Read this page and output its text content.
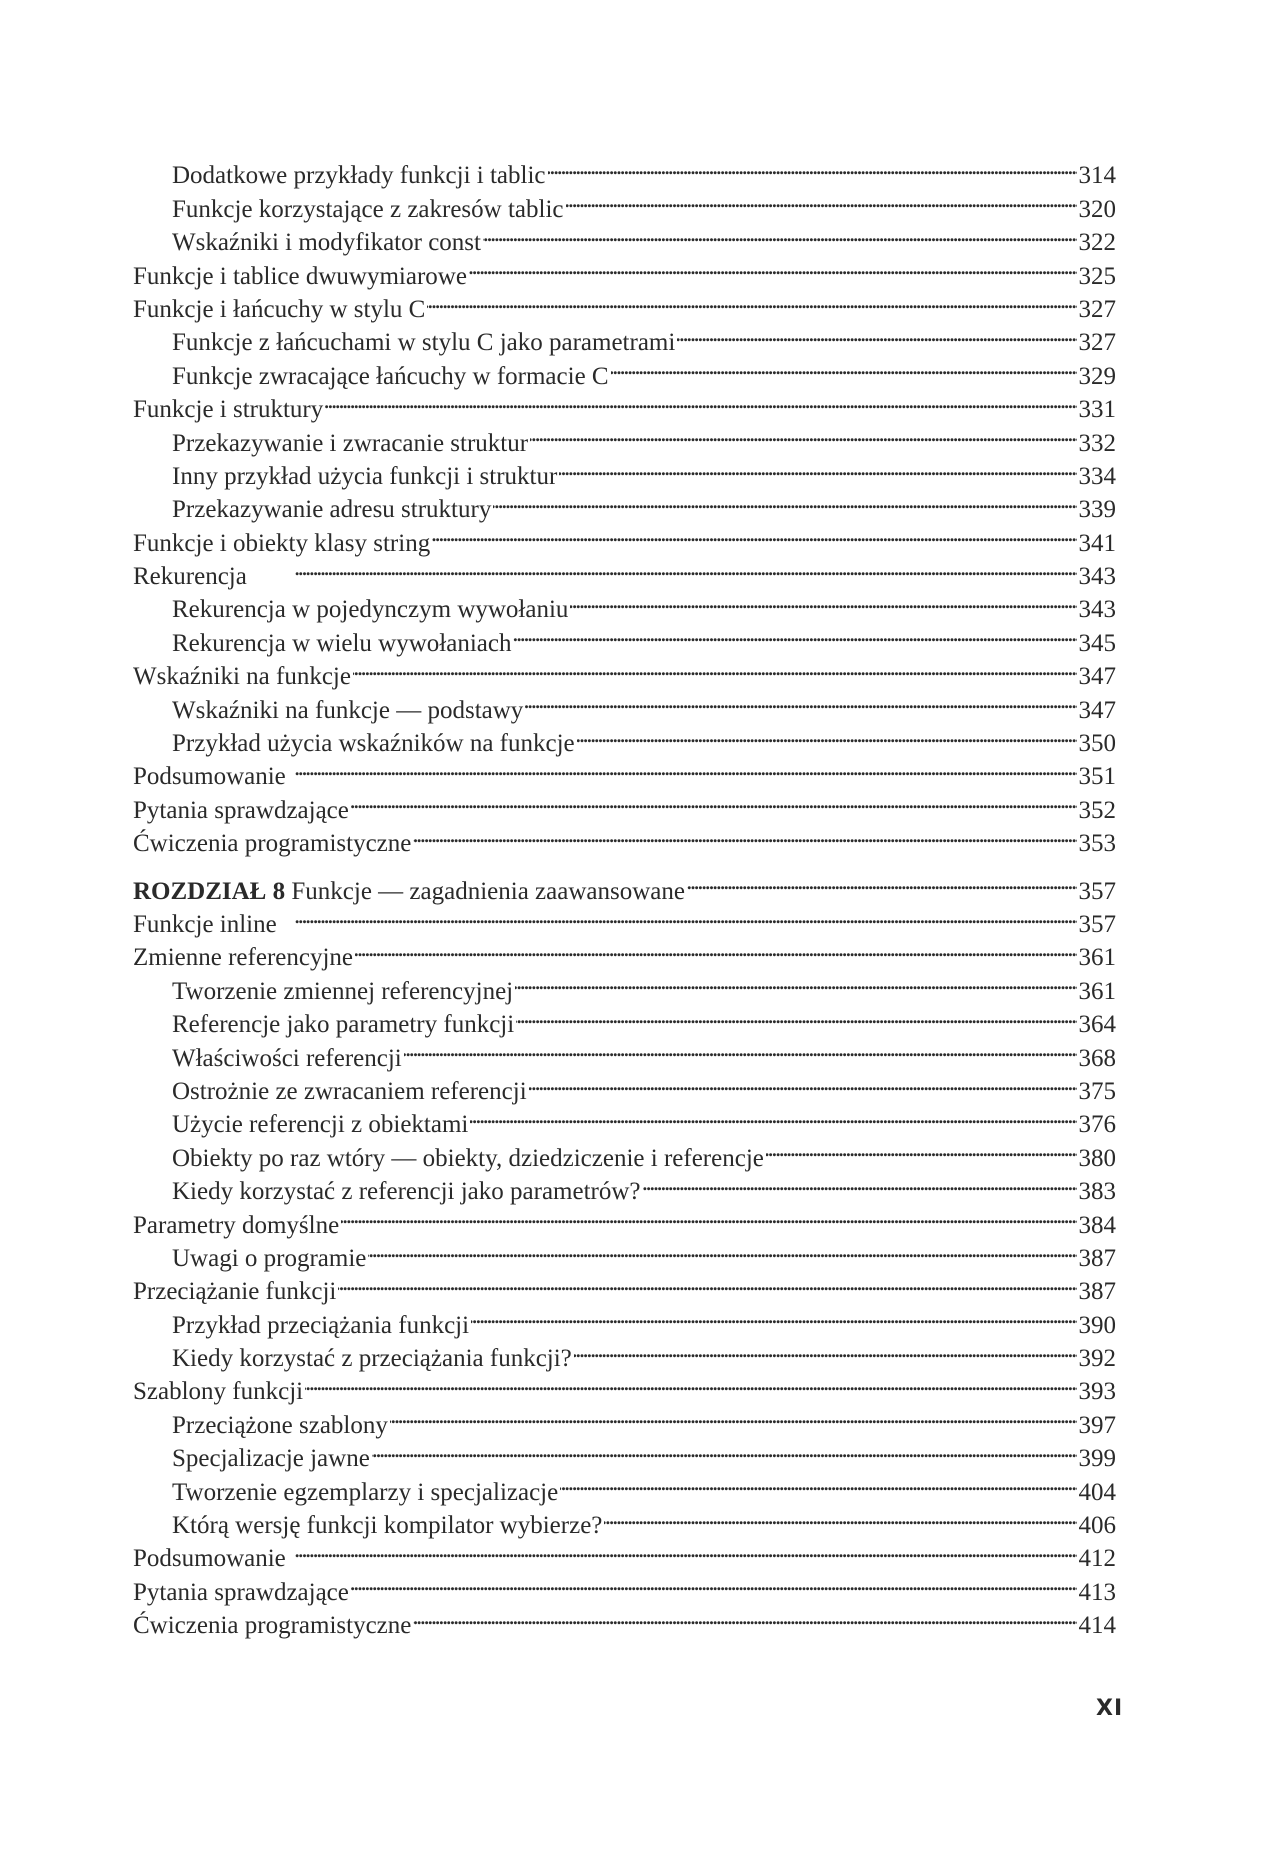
Dodatkowe przykłady funkcji i tablic . . .	314
Funkcje korzystające z zakresów tablic . . .	320
Wskaźniki i modyfikator const . . .	322
Funkcje i tablice dwuwymiarowe . . .	325
Funkcje i łańcuchy w stylu C . . .	327
Funkcje z łańcuchami w stylu C jako parametrami . . .	327
Funkcje zwracające łańcuchy w formacie C . . .	329
Funkcje i struktury . . .	331
Przekazywanie i zwracanie struktur . . .	332
Inny przykład użycia funkcji i struktur . . .	334
Przekazywanie adresu struktury . . .	339
Funkcje i obiekty klasy string . . .	341
Rekurencja . . .	343
Rekurencja w pojedynczym wywołaniu . . .	343
Rekurencja w wielu wywołaniach . . .	345
Wskaźniki na funkcje . . .	347
Wskaźniki na funkcje — podstawy . . .	347
Przykład użycia wskaźników na funkcje . . .	350
Podsumowanie . . .	351
Pytania sprawdzające . . .	352
Ćwiczenia programistyczne . . .	353
ROZDZIAŁ 8 Funkcje — zagadnienia zaawansowane . . .	357
Funkcje inline . . .	357
Zmienne referencyjne . . .	361
Tworzenie zmiennej referencyjnej . . .	361
Referencje jako parametry funkcji . . .	364
Właściwości referencji . . .	368
Ostrożnie ze zwracaniem referencji . . .	375
Użycie referencji z obiektami . . .	376
Obiekty po raz wtóry — obiekty, dziedziczenie i referencje . . .	380
Kiedy korzystać z referencji jako parametrów? . . .	383
Parametry domyślne . . .	384
Uwagi o programie . . .	387
Przeciążanie funkcji . . .	387
Przykład przeciążania funkcji . . .	390
Kiedy korzystać z przeciążania funkcji? . . .	392
Szablony funkcji . . .	393
Przeciążone szablony . . .	397
Specjalizacje jawne . . .	399
Tworzenie egzemplarzy i specjalizacje . . .	404
Którą wersję funkcji kompilator wybierze? . . .	406
Podsumowanie . . .	412
Pytania sprawdzające . . .	413
Ćwiczenia programistyczne . . .	414
XI
